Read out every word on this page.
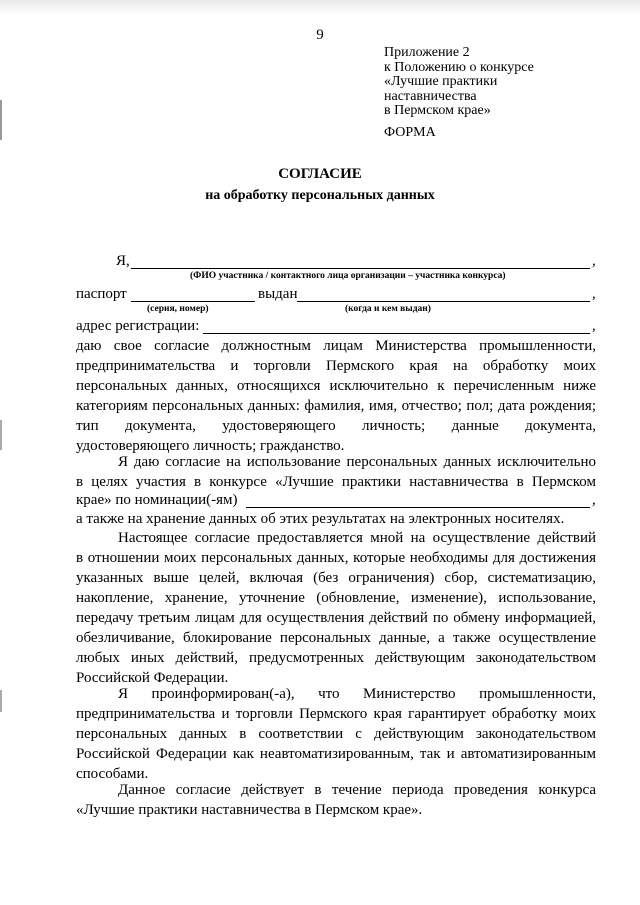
9
Приложение 2
к Положению о конкурсе
«Лучшие практики
наставничества
в Пермском крае»
ФОРМА
СОГЛАСИЕ
на обработку персональных данных
Я,	,
(ФИО участника / контактного лица организации – участника конкурса)
паспорт	выдан	,
(серия, номер)	(когда и кем выдан)
адрес регистрации:	,
даю свое согласие должностным лицам Министерства промышленности,
предпринимательства и торговли Пермского края на обработку моих
персональных данных, относящихся исключительно к перечисленным ниже
категориям персональных данных: фамилия, имя, отчество; пол; дата рождения;
тип документа, удостоверяющего личность; данные документа,
удостоверяющего личность; гражданство.
Я даю согласие на использование персональных данных исключительно
в целях участия в конкурсе «Лучшие практики наставничества в Пермском
крае» по номинации(-ям)	,
а также на хранение данных об этих результатах на электронных носителях.
Настоящее согласие предоставляется мной на осуществление действий
в отношении моих персональных данных, которые необходимы для достижения
указанных выше целей, включая (без ограничения) сбор, систематизацию,
накопление, хранение, уточнение (обновление, изменение), использование,
передачу третьим лицам для осуществления действий по обмену информацией,
обезличивание, блокирование персональных данные, а также осуществление
любых иных действий, предусмотренных действующим законодательством
Российской Федерации.
Я проинформирован(-а), что Министерство промышленности,
предпринимательства и торговли Пермского края гарантирует обработку моих
персональных данных в соответствии с действующим законодательством
Российской Федерации как неавтоматизированным, так и автоматизированным
способами.
Данное согласие действует в течение периода проведения конкурса
«Лучшие практики наставничества в Пермском крае».
